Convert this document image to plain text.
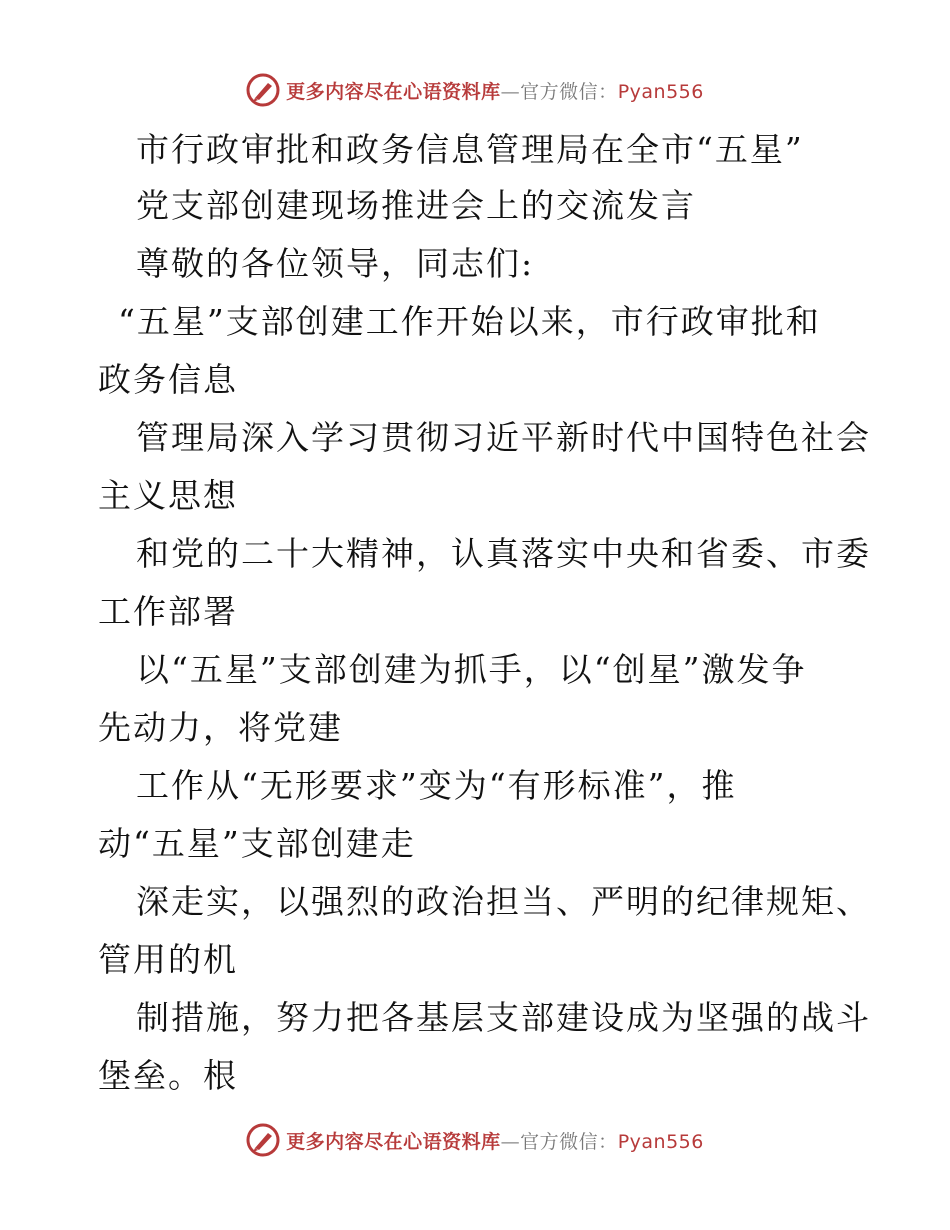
更多内容尽在心语资料库—官方微信：Pyan556
市行政审批和政务信息管理局在全市“五星”
党支部创建现场推进会上的交流发言
尊敬的各位领导，同志们:
“五星”支部创建工作开始以来，市行政审批和
政务信息
管理局深入学习贯彻习近平新时代中国特色社会
主义思想
和党的二十大精神，认真落实中央和省委、市委
工作部署
以“五星”支部创建为抓手，以“创星”激发争
先动力，将党建
工作从“无形要求”变为“有形标准”，推
动“五星”支部创建走
深走实，以强烈的政治担当、严明的纪律规矩、
管用的机
制措施，努力把各基层支部建设成为坚强的战斗
堡垒。根
更多内容尽在心语资料库—官方微信：Pyan556
